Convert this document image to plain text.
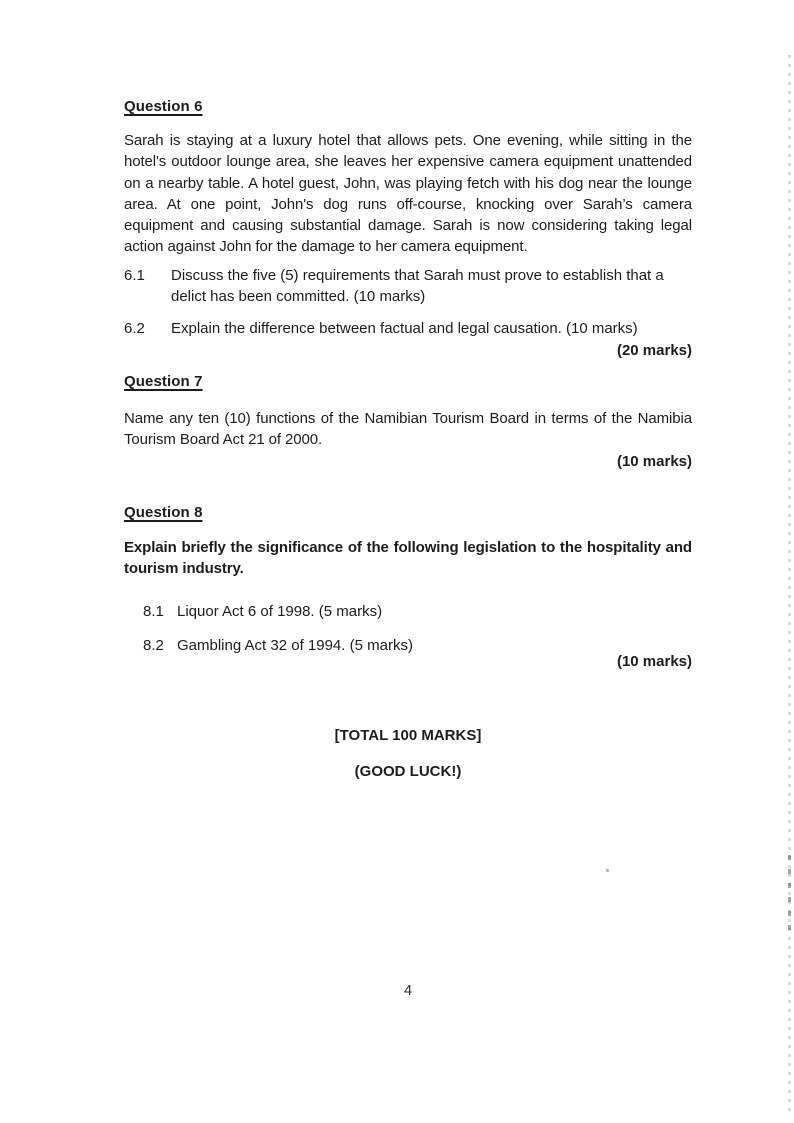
Question 6
Sarah is staying at a luxury hotel that allows pets. One evening, while sitting in the hotel's outdoor lounge area, she leaves her expensive camera equipment unattended on a nearby table. A hotel guest, John, was playing fetch with his dog near the lounge area. At one point, John's dog runs off-course, knocking over Sarah’s camera equipment and causing substantial damage. Sarah is now considering taking legal action against John for the damage to her camera equipment.
6.1	Discuss the five (5) requirements that Sarah must prove to establish that a delict has been committed. (10 marks)
6.2	Explain the difference between factual and legal causation. (10 marks)
(20 marks)
Question 7
Name any ten (10) functions of the Namibian Tourism Board in terms of the Namibia Tourism Board Act 21 of 2000.
(10 marks)
Question 8
Explain briefly the significance of the following legislation to the hospitality and tourism industry.
8.1 Liquor Act 6 of 1998. (5 marks)
8.2 Gambling Act 32 of 1994. (5 marks)
(10 marks)
[TOTAL 100 MARKS]
(GOOD LUCK!)
4
